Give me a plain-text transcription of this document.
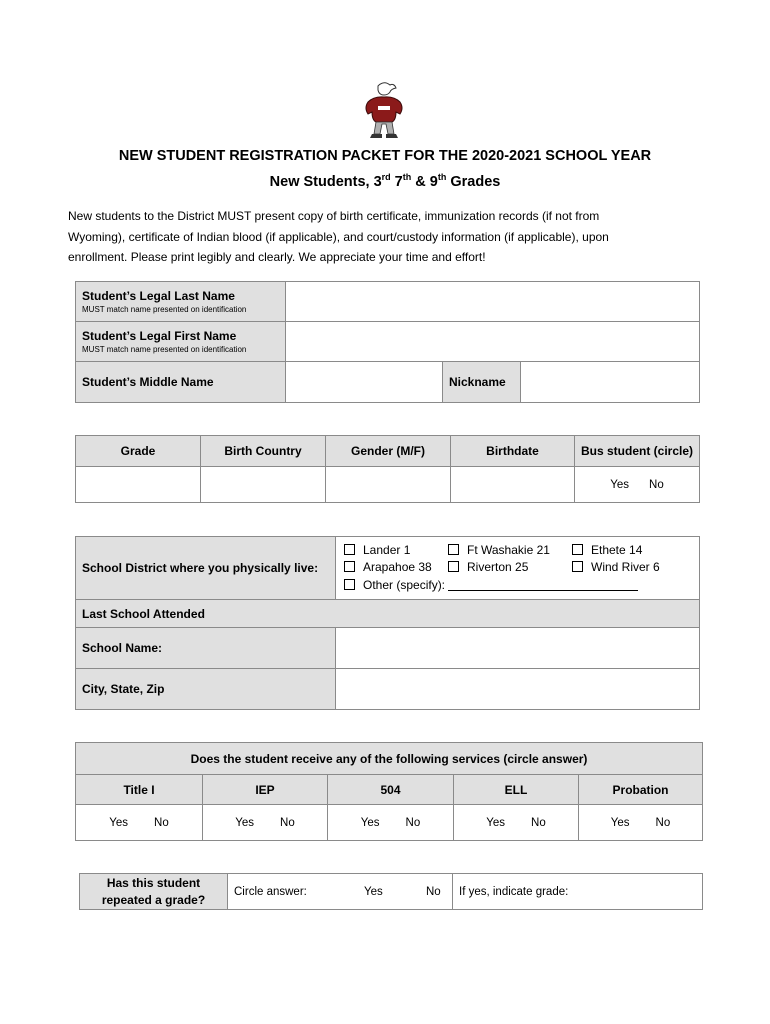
NEW STUDENT REGISTRATION PACKET FOR THE 2020-2021 SCHOOL YEAR
New Students, 3rd 7th & 9th Grades
New students to the District MUST present copy of birth certificate, immunization records (if not from
Wyoming), certificate of Indian blood (if applicable), and court/custody information (if applicable), upon
enrollment. Please print legibly and clearly. We appreciate your time and effort!
Student’s Legal Last Name
MUST match name presented on identification			

Student’s Legal First Name
MUST match name presented on identification			

Student’s Middle Name		Nickname	
Grade	Birth Country	Gender (M/F)	Birthdate	Bus student (circle)
				Yes No
School District where you physically live:	Lander 1 Ft Washakie 21 Ethete 14
Arapahoe 38 Riverton 25 Wind River 6
Other (specify):

Last School Attended	
School Name:	
City, State, Zip	
Does the student receive any of the following services (circle answer)				
Title I	IEP	504	ELL	Probation
Yes No	Yes No	Yes No	Yes No	Yes No
Has this student
repeated a grade?
	Circle answer:	Yes	No	If yes, indicate grade:
